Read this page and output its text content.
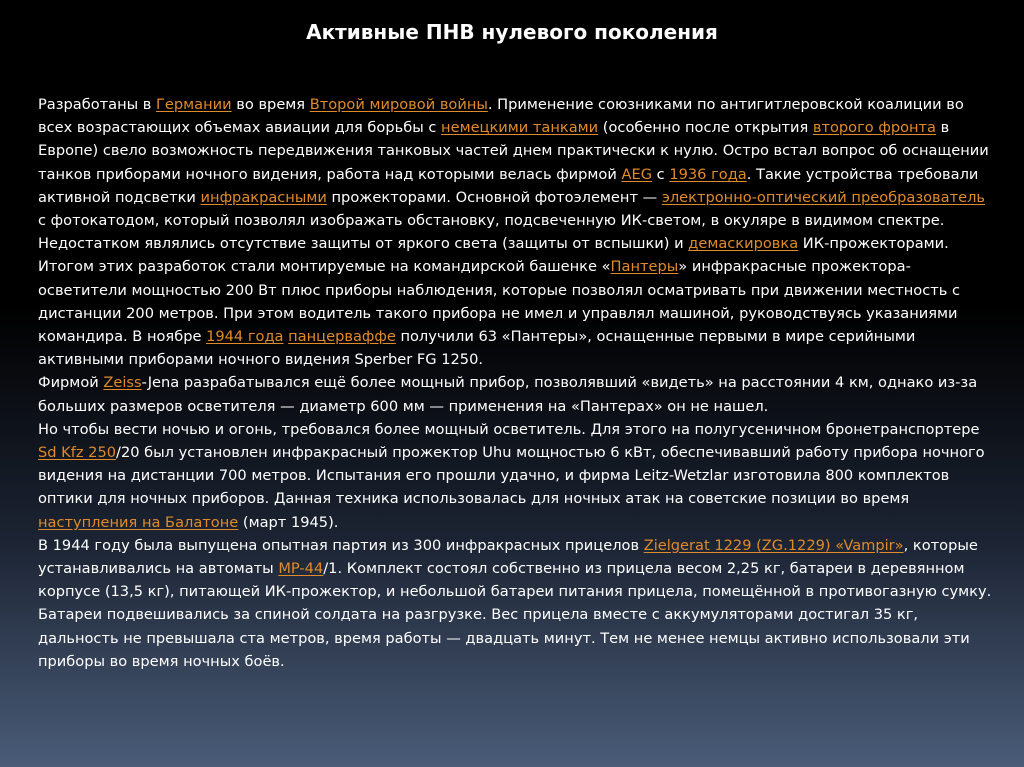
Активные ПНВ нулевого поколения

Разработаны в Германии во время Второй мировой войны. Применение союзниками по антигитлеровской коалиции во всех возрастающих объемах авиации для борьбы с немецкими танками (особенно после открытия второго фронта в Европе) свело возможность передвижения танковых частей днем практически к нулю. Остро встал вопрос об оснащении танков приборами ночного видения, работа над которыми велась фирмой AEG с 1936 года. Такие устройства требовали активной подсветки инфракрасными прожекторами. Основной фотоэлемент — электронно-оптический преобразователь с фотокатодом, который позволял изображать обстановку, подсвеченную ИК-светом, в окуляре в видимом спектре. Недостатком являлись отсутствие защиты от яркого света (защиты от вспышки) и демаскировка ИК-прожекторами.

Итогом этих разработок стали монтируемые на командирской башенке «Пантеры» инфракрасные прожектора-осветители мощностью 200 Вт плюс приборы наблюдения, которые позволял осматривать при движении местность с дистанции 200 метров. При этом водитель такого прибора не имел и управлял машиной, руководствуясь указаниями командира. В ноябре 1944 года панцерваффе получили 63 «Пантеры», оснащенные первыми в мире серийными активными приборами ночного видения Sperber FG 1250.

Фирмой Zeiss-Jena разрабатывался ещё более мощный прибор, позволявший «видеть» на расстоянии 4 км, однако из-за больших размеров осветителя — диаметр 600 мм — применения на «Пантерах» он не нашел.

Но чтобы вести ночью и огонь, требовался более мощный осветитель. Для этого на полугусеничном бронетранспортере Sd Kfz 250/20 был установлен инфракрасный прожектор Uhu мощностью 6 кВт, обеспечивавший работу прибора ночного видения на дистанции 700 метров. Испытания его прошли удачно, и фирма Leitz-Wetzlar изготовила 800 комплектов оптики для ночных приборов. Данная техника использовалась для ночных атак на советские позиции во время наступления на Балатоне (март 1945).

В 1944 году была выпущена опытная партия из 300 инфракрасных прицелов Zielgerat 1229 (ZG.1229) «Vampir», которые устанавливались на автоматы MP-44/1. Комплект состоял собственно из прицела весом 2,25 кг, батареи в деревянном корпусе (13,5 кг), питающей ИК-прожектор, и небольшой батареи питания прицела, помещённой в противогазную сумку. Батареи подвешивались за спиной солдата на разгрузке. Вес прицела вместе с аккумуляторами достигал 35 кг, дальность не превышала ста метров, время работы — двадцать минут. Тем не менее немцы активно использовали эти приборы во время ночных боёв.
